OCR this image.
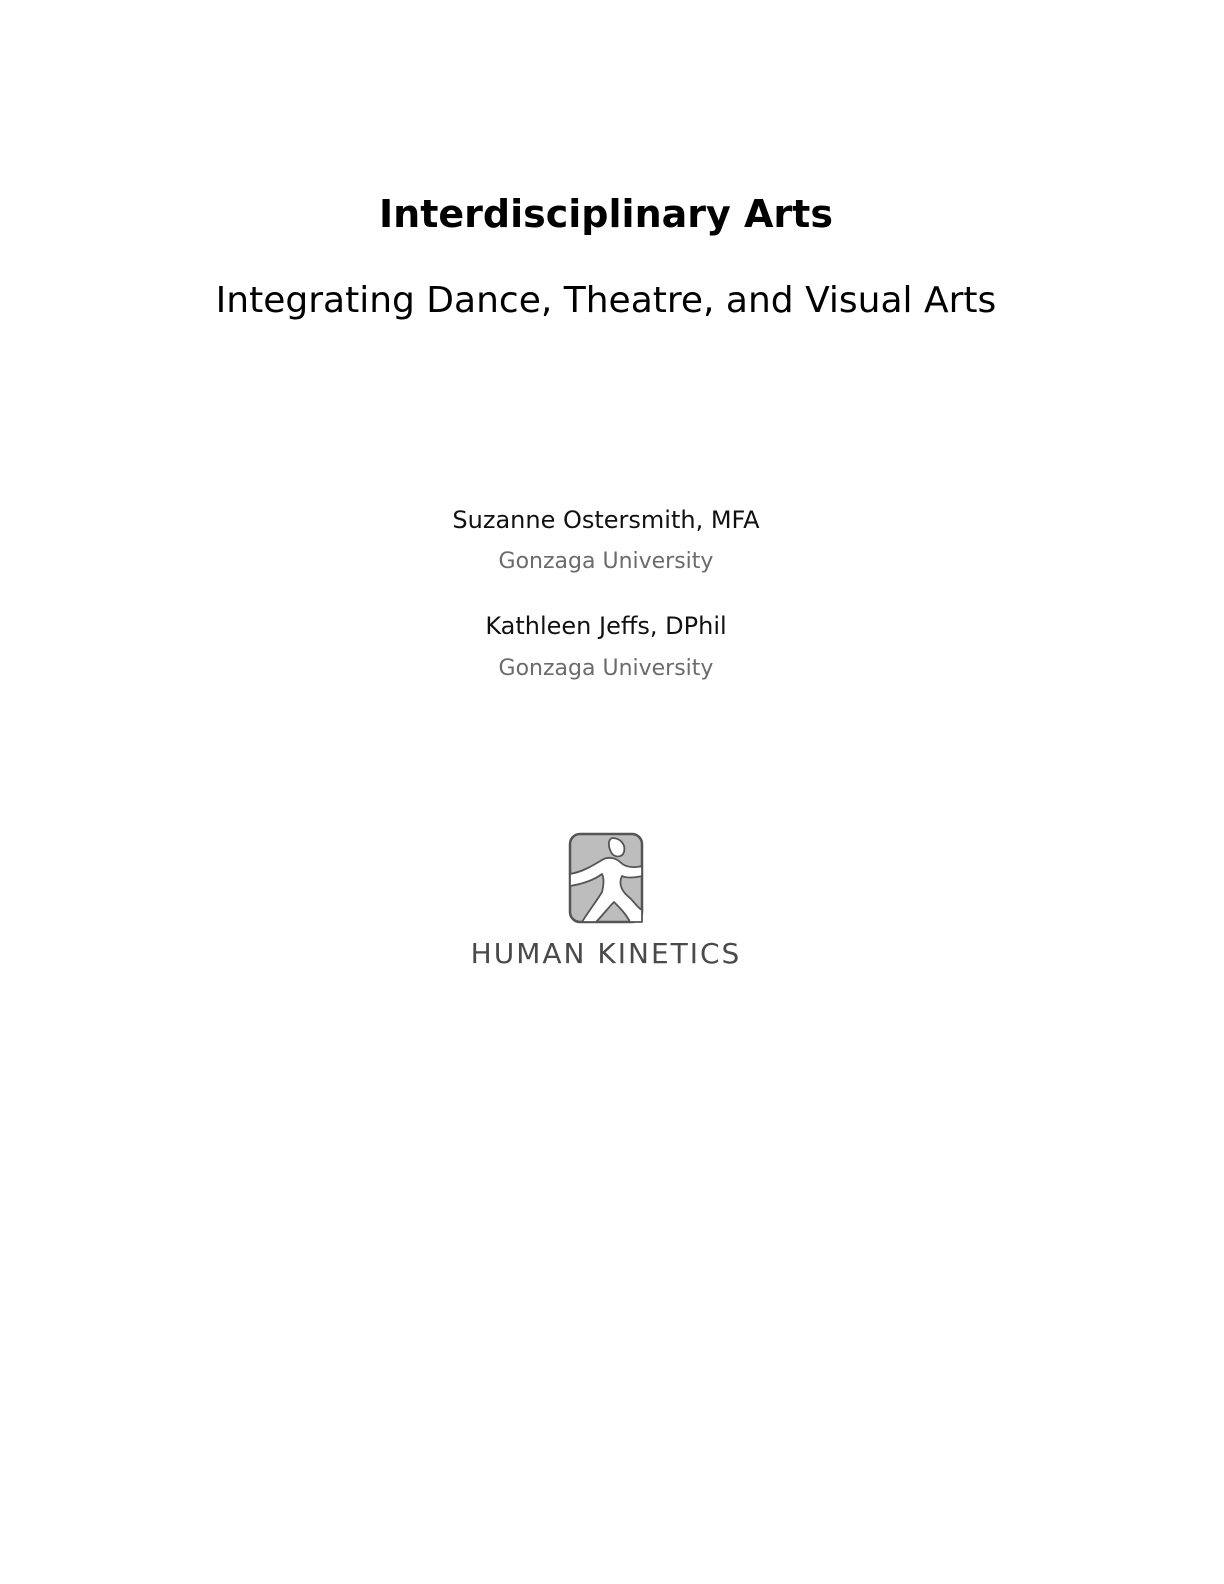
Interdisciplinary Arts
Integrating Dance, Theatre, and Visual Arts
Suzanne Ostersmith, MFA
Gonzaga University
Kathleen Jeffs, DPhil
Gonzaga University
HUMAN KINETICS
